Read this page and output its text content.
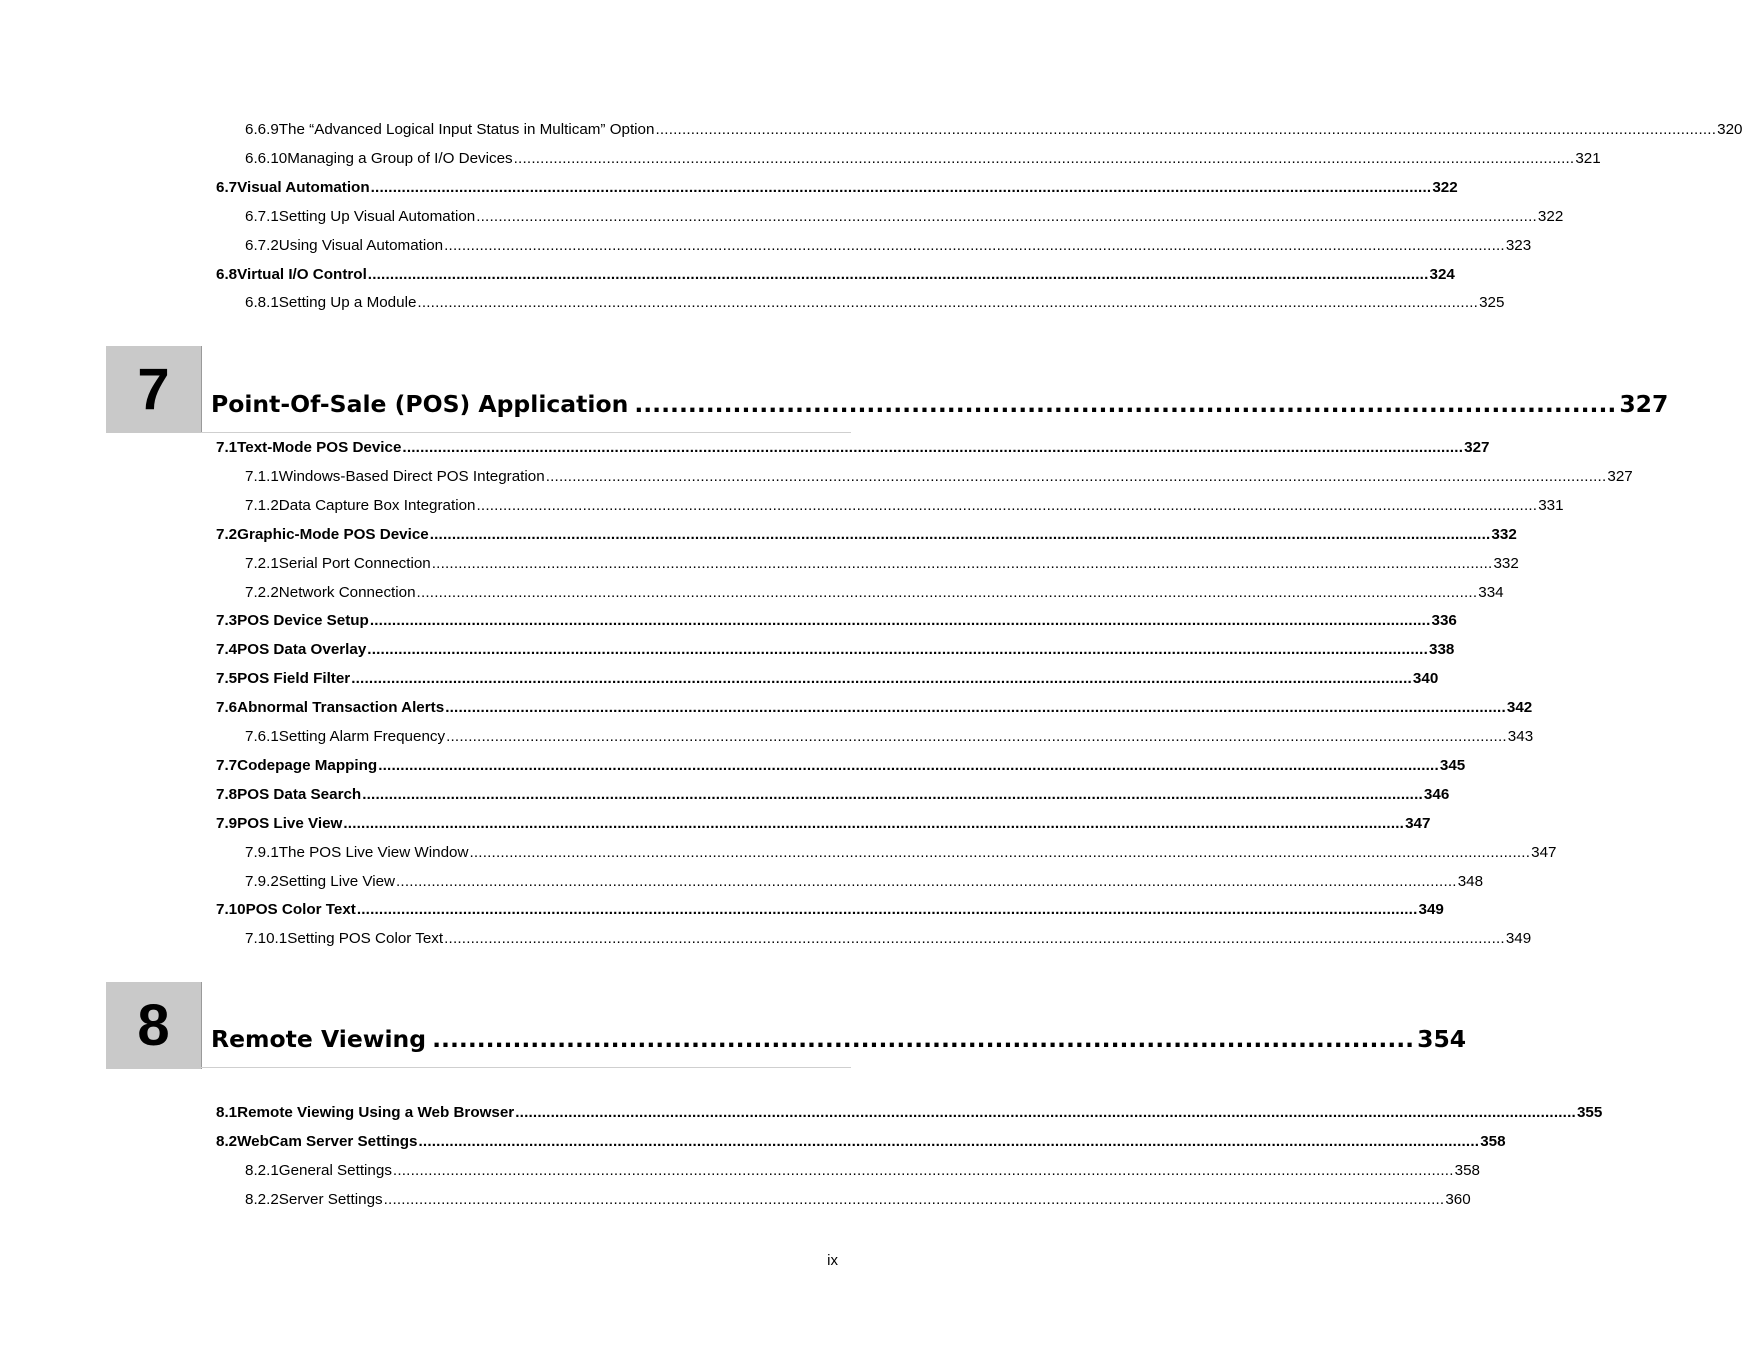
6.6.9 The “Advanced Logical Input Status in Multicam” Option ................................................................................................................................................................................................................................................ 320
6.6.10 Managing a Group of I/O Devices ................................................................................................................................................................................................................................................ 321
6.7 Visual Automation ................................................................................................................................................................................................................................................ 322
6.7.1 Setting Up Visual Automation ................................................................................................................................................................................................................................................ 322
6.7.2 Using Visual Automation ................................................................................................................................................................................................................................................ 323
6.8 Virtual I/O Control ................................................................................................................................................................................................................................................ 324
6.8.1 Setting Up a Module ................................................................................................................................................................................................................................................ 325
7 Point-Of-Sale (POS) Application .............................................................................................................. 327
7.1 Text-Mode POS Device ................................................................................................................................................................................................................................................ 327
7.1.1 Windows-Based Direct POS Integration ................................................................................................................................................................................................................................................ 327
7.1.2 Data Capture Box Integration ................................................................................................................................................................................................................................................ 331
7.2 Graphic-Mode POS Device ................................................................................................................................................................................................................................................ 332
7.2.1 Serial Port Connection ................................................................................................................................................................................................................................................ 332
7.2.2 Network Connection ................................................................................................................................................................................................................................................ 334
7.3 POS Device Setup ................................................................................................................................................................................................................................................ 336
7.4 POS Data Overlay ................................................................................................................................................................................................................................................ 338
7.5 POS Field Filter ................................................................................................................................................................................................................................................ 340
7.6 Abnormal Transaction Alerts ................................................................................................................................................................................................................................................ 342
7.6.1 Setting Alarm Frequency ................................................................................................................................................................................................................................................ 343
7.7 Codepage Mapping ................................................................................................................................................................................................................................................ 345
7.8 POS Data Search ................................................................................................................................................................................................................................................ 346
7.9 POS Live View ................................................................................................................................................................................................................................................ 347
7.9.1 The POS Live View Window ................................................................................................................................................................................................................................................ 347
7.9.2 Setting Live View ................................................................................................................................................................................................................................................ 348
7.10 POS Color Text ................................................................................................................................................................................................................................................ 349
7.10.1 Setting POS Color Text ................................................................................................................................................................................................................................................ 349
8 Remote Viewing .............................................................................................................. 354
8.1 Remote Viewing Using a Web Browser ................................................................................................................................................................................................................................................ 355
8.2 WebCam Server Settings ................................................................................................................................................................................................................................................ 358
8.2.1 General Settings ................................................................................................................................................................................................................................................ 358
8.2.2 Server Settings ................................................................................................................................................................................................................................................ 360
ix
